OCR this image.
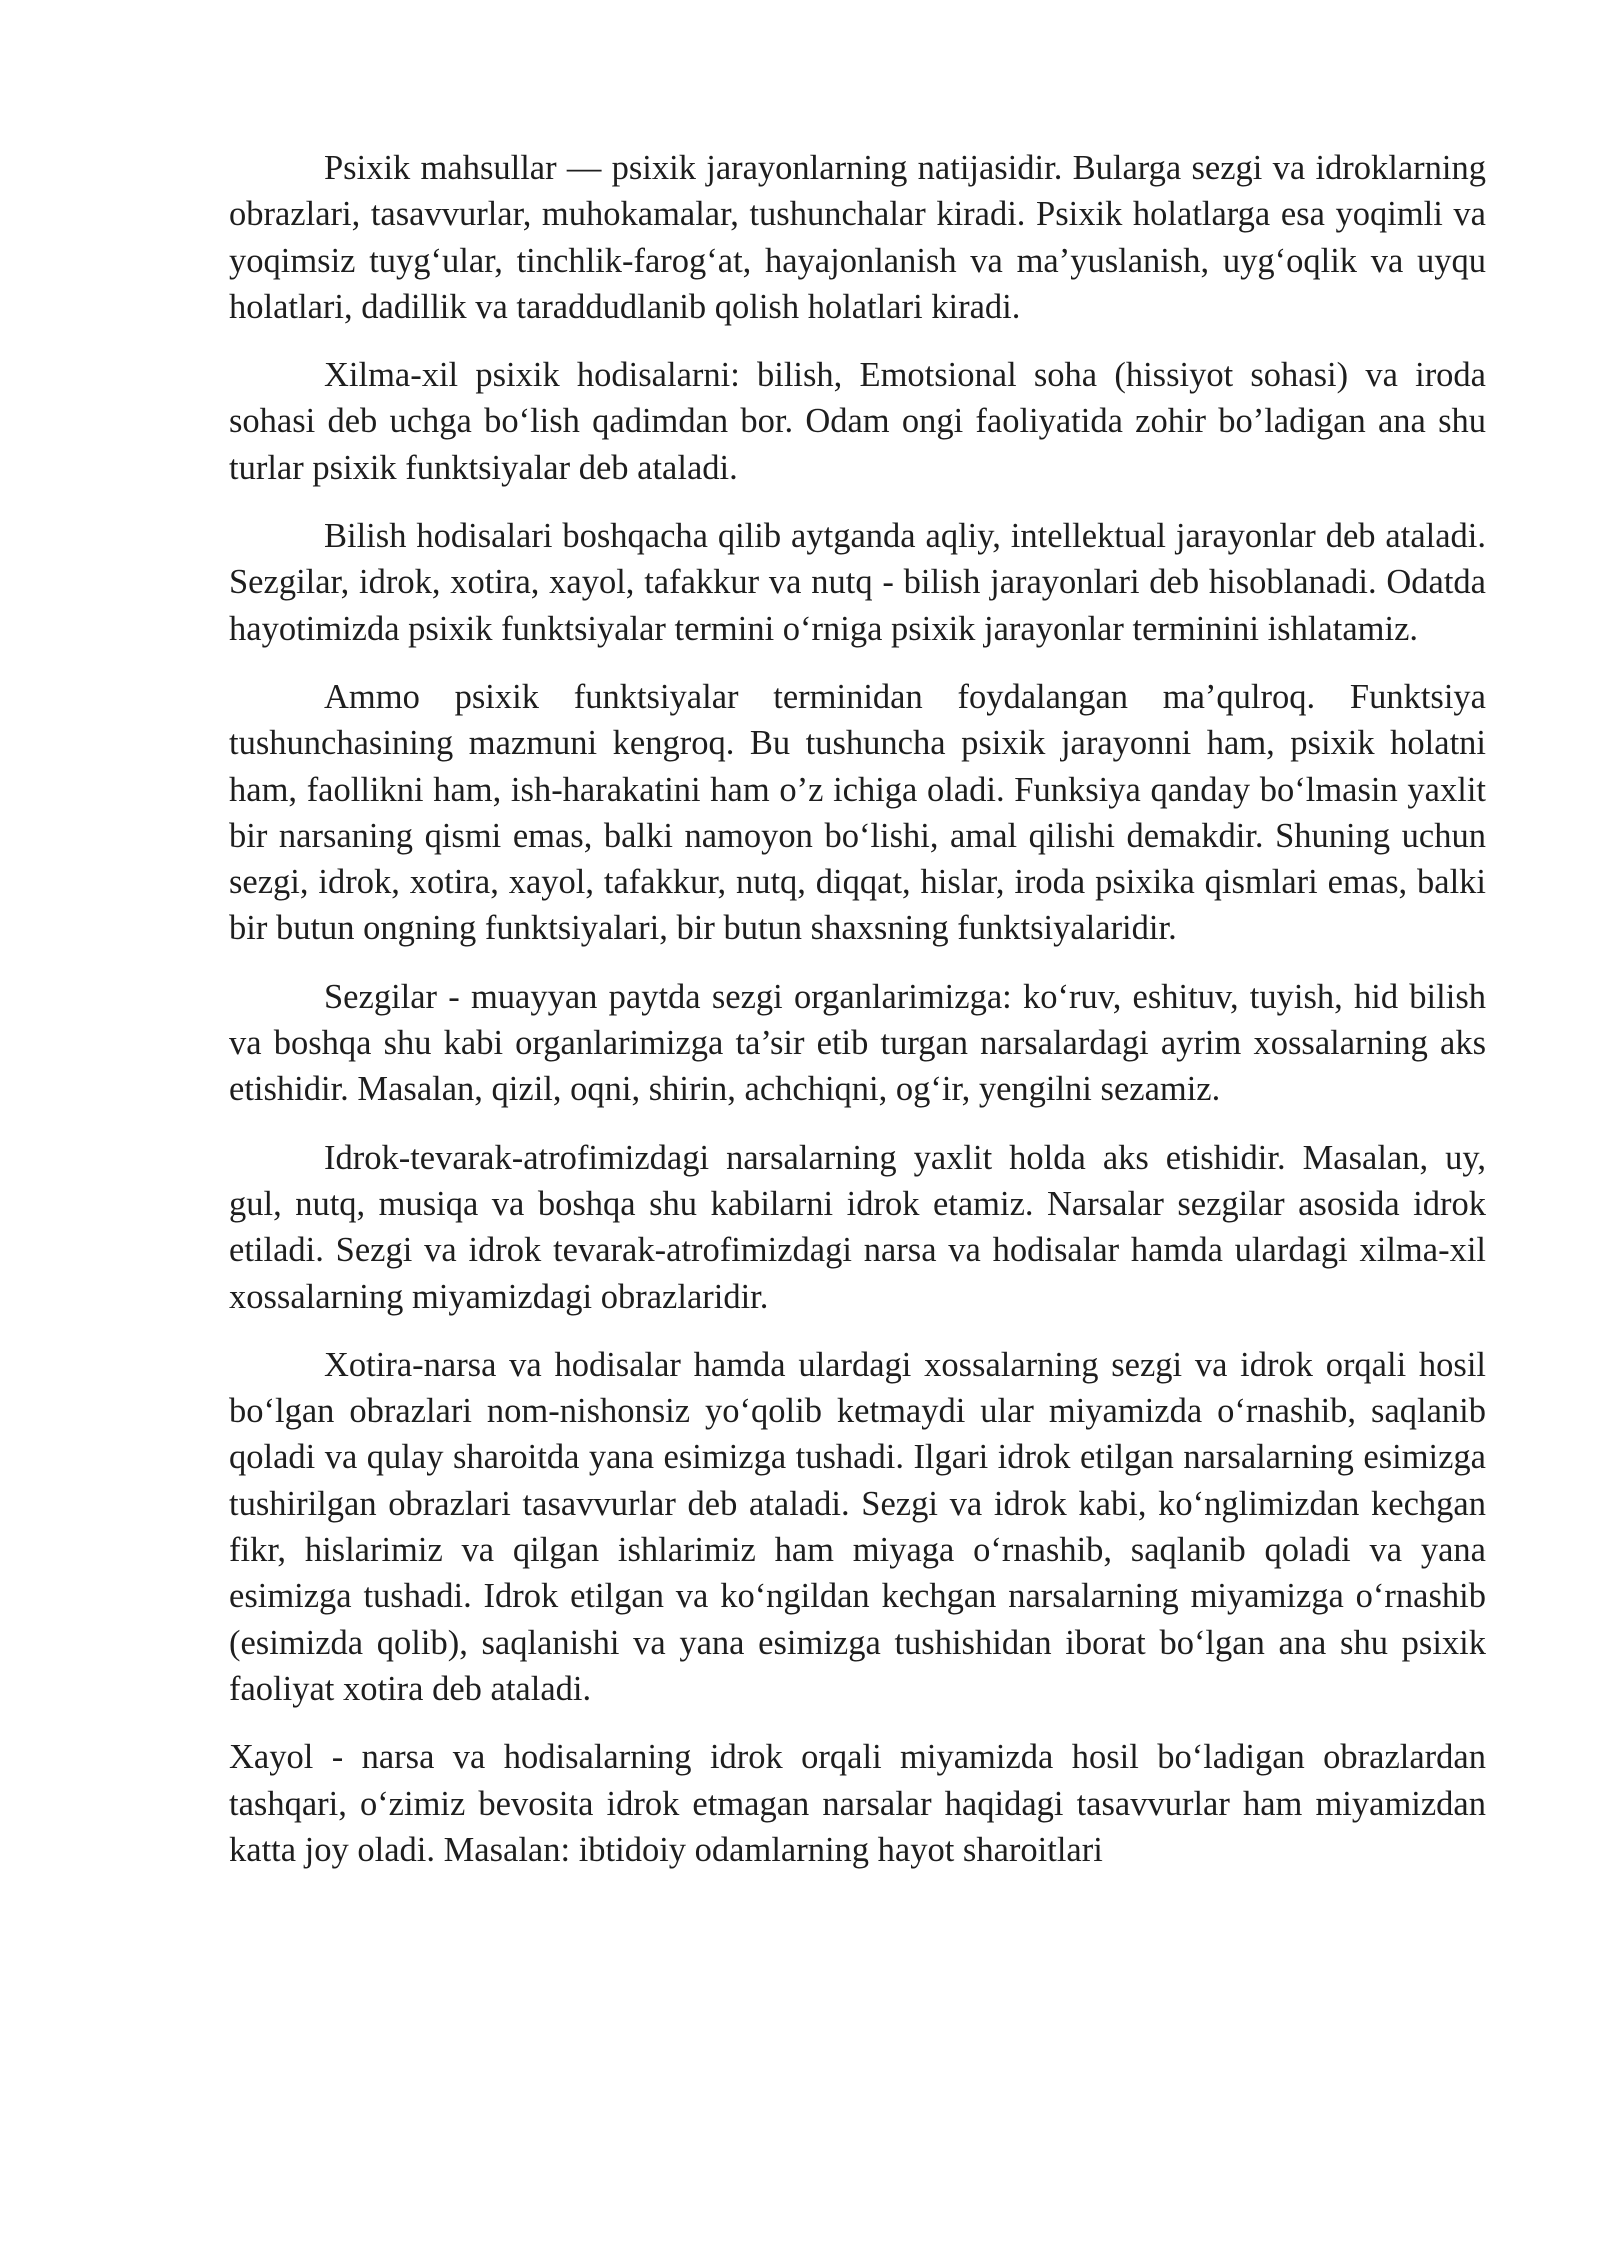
Psixik mahsullar — psixik jarayonlarning natijasidir. Bularga sezgi va idroklarning obrazlari, tasavvurlar, muhokamalar, tushunchalar kiradi. Psixik holatlarga esa yoqimli va yoqimsiz tuyg‘ular, tinchlik-farog‘at, hayajonlanish va ma’yuslanish, uyg‘oqlik va uyqu holatlari, dadillik va taraddudlanib qolish holatlari kiradi.

Xilma-xil psixik hodisalarni: bilish, Emotsional soha (hissiyot sohasi) va iroda sohasi deb uchga bo‘lish qadimdan bor. Odam ongi faoliyatida zohir bo’ladigan ana shu turlar psixik funktsiyalar deb ataladi.

Bilish hodisalari boshqacha qilib aytganda aqliy, intellektual jarayonlar deb ataladi. Sezgilar, idrok, xotira, xayol, tafakkur va nutq - bilish jarayonlari deb hisoblanadi. Odatda hayotimizda psixik funktsiyalar termini o‘rniga psixik jarayonlar terminini ishlatamiz.

Ammo psixik funktsiyalar terminidan foydalangan ma’qulroq. Funktsiya tushunchasining mazmuni kengroq. Bu tushuncha psixik jarayonni ham, psixik holatni ham, faollikni ham, ish-harakatini ham o’z ichiga oladi. Funksiya qanday bo‘lmasin yaxlit bir narsaning qismi emas, balki namoyon bo‘lishi, amal qilishi demakdir. Shuning uchun sezgi, idrok, xotira, xayol, tafakkur, nutq, diqqat, hislar, iroda psixika qismlari emas, balki bir butun ongning funktsiyalari, bir butun shaxsning funktsiyalaridir.

Sezgilar - muayyan paytda sezgi organlarimizga: ko‘ruv, eshituv, tuyish, hid bilish va boshqa shu kabi organlarimizga ta’sir etib turgan narsalardagi ayrim xossalarning aks etishidir. Masalan, qizil, oqni, shirin, achchiqni, og‘ir, yengilni sezamiz.

Idrok-tevarak-atrofimizdagi narsalarning yaxlit holda aks etishidir. Masalan, uy, gul, nutq, musiqa va boshqa shu kabilarni idrok etamiz. Narsalar sezgilar asosida idrok etiladi. Sezgi va idrok tevarak-atrofimizdagi narsa va hodisalar hamda ulardagi xilma-xil xossalarning miyamizdagi obrazlaridir.

Xotira-narsa va hodisalar hamda ulardagi xossalarning sezgi va idrok orqali hosil bo‘lgan obrazlari nom-nishonsiz yo‘qolib ketmaydi ular miyamizda o‘rnashib, saqlanib qoladi va qulay sharoitda yana esimizga tushadi. Ilgari idrok etilgan narsalarning esimizga tushirilgan obrazlari tasavvurlar deb ataladi. Sezgi va idrok kabi, ko‘nglimizdan kechgan fikr, hislarimiz va qilgan ishlarimiz ham miyaga o‘rnashib, saqlanib qoladi va yana esimizga tushadi. Idrok etilgan va ko‘ngildan kechgan narsalarning miyamizga o‘rnashib (esimizda qolib), saqlanishi va yana esimizga tushishidan iborat bo‘lgan ana shu psixik faoliyat xotira deb ataladi.

Xayol - narsa va hodisalarning idrok orqali miyamizda hosil bo‘ladigan obrazlardan tashqari, o‘zimiz bevosita idrok etmagan narsalar haqidagi tasavvurlar ham miyamizdan katta joy oladi. Masalan: ibtidoiy odamlarning hayot sharoitlari
